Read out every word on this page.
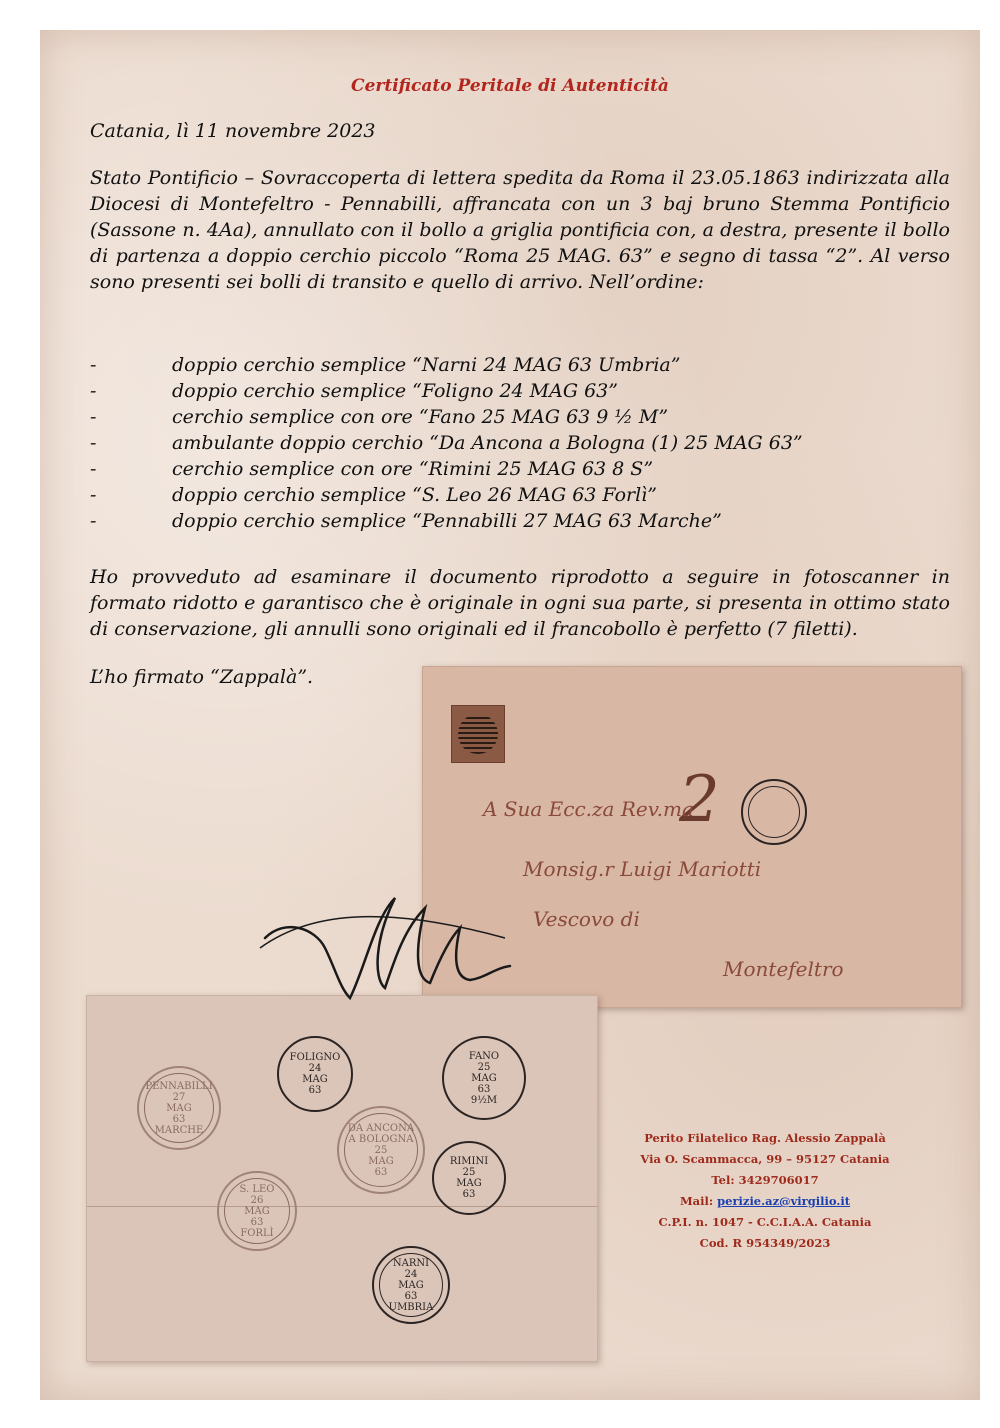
Certificato Peritale di Autenticità
Catania, lì 11 novembre 2023
Stato Pontificio – Sovraccoperta di lettera spedita da Roma il 23.05.1863 indirizzata alla Diocesi di Montefeltro - Pennabilli, affrancata con un 3 baj bruno Stemma Pontificio (Sassone n. 4Aa), annullato con il bollo a griglia pontificia con, a destra, presente il bollo di partenza a doppio cerchio piccolo “Roma 25 MAG. 63” e segno di tassa “2”. Al verso sono presenti sei bolli di transito e quello di arrivo. Nell’ordine:
-	doppio cerchio semplice “Narni 24 MAG 63 Umbria”
-	doppio cerchio semplice “Foligno 24 MAG 63”
-	cerchio semplice con ore “Fano 25 MAG 63 9 ½ M”
-	ambulante doppio cerchio “Da Ancona a Bologna (1) 25 MAG 63”
-	cerchio semplice con ore “Rimini 25 MAG 63 8 S”
-	doppio cerchio semplice “S. Leo 26 MAG 63 Forlì”
-	doppio cerchio semplice “Pennabilli 27 MAG 63 Marche”
Ho provveduto ad esaminare il documento riprodotto a seguire in fotoscanner in formato ridotto e garantisco che è originale in ogni sua parte, si presenta in ottimo stato di conservazione, gli annulli sono originali ed il francobollo è perfetto (7 filetti).
L’ho firmato “Zappalà”.
2
A Sua Ecc.za Rev.ma
Monsig.r Luigi Mariotti
Vescovo di
Montefeltro
PENNABILLI
27
MAG
63
MARCHE
FOLIGNO
24
MAG
63
DA ANCONA
A BOLOGNA
25
MAG
63
FANO
25
MAG
63
9½M
RIMINI
25
MAG
63
S. LEO
26
MAG
63
FORLÌ
NARNI
24
MAG
63
UMBRIA
Perito Filatelico Rag. Alessio Zappalà
Via O. Scammacca, 99 – 95127 Catania
Tel: 3429706017
Mail: perizie.az@virgilio.it
C.P.I. n. 1047 - C.C.I.A.A. Catania
Cod. R 954349/2023
